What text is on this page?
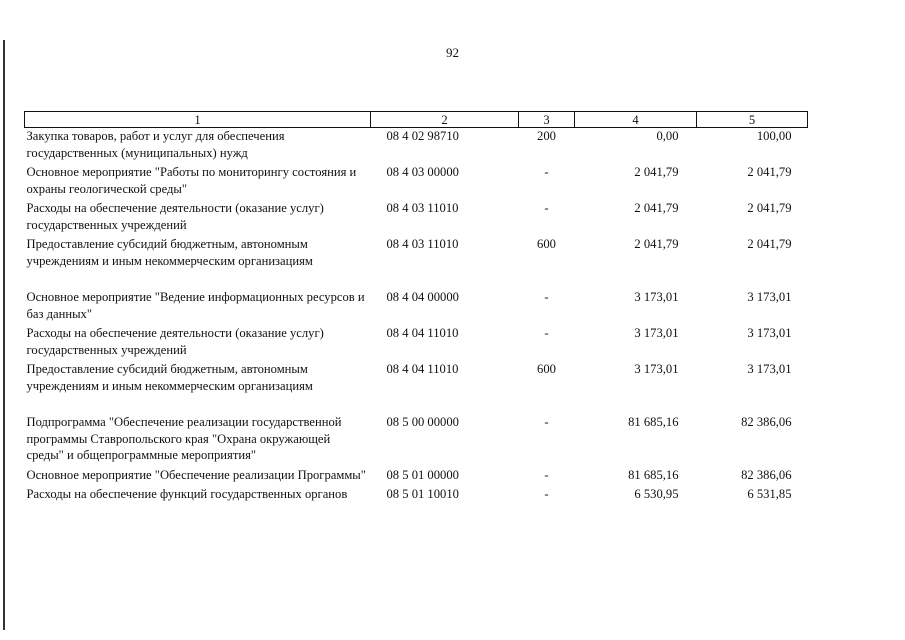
92
1	2	3	4	5
Закупка товаров, работ и услуг для обеспечения государственных (муниципальных) нужд	08 4 02 98710	200	0,00	100,00
Основное мероприятие "Работы по мониторингу состояния и охраны геологической среды"	08 4 03 00000	-	2 041,79	2 041,79
Расходы на обеспечение деятельности (оказание услуг) государственных учреждений	08 4 03 11010	-	2 041,79	2 041,79
Предоставление субсидий бюджетным, автономным учреждениям и иным некоммерческим организациям	08 4 03 11010	600	2 041,79	2 041,79
Основное мероприятие "Ведение информационных ресурсов и баз данных"	08 4 04 00000	-	3 173,01	3 173,01
Расходы на обеспечение деятельности (оказание услуг) государственных учреждений	08 4 04 11010	-	3 173,01	3 173,01
Предоставление субсидий бюджетным, автономным учреждениям и иным некоммерческим организациям	08 4 04 11010	600	3 173,01	3 173,01
Подпрограмма "Обеспечение реализации государственной программы Ставропольского края "Охрана окружающей среды" и общепрограммные мероприятия"	08 5 00 00000	-	81 685,16	82 386,06
Основное мероприятие "Обеспечение реализации Программы"	08 5 01 00000	-	81 685,16	82 386,06
Расходы на обеспечение функций государственных органов	08 5 01 10010	-	6 530,95	6 531,85
